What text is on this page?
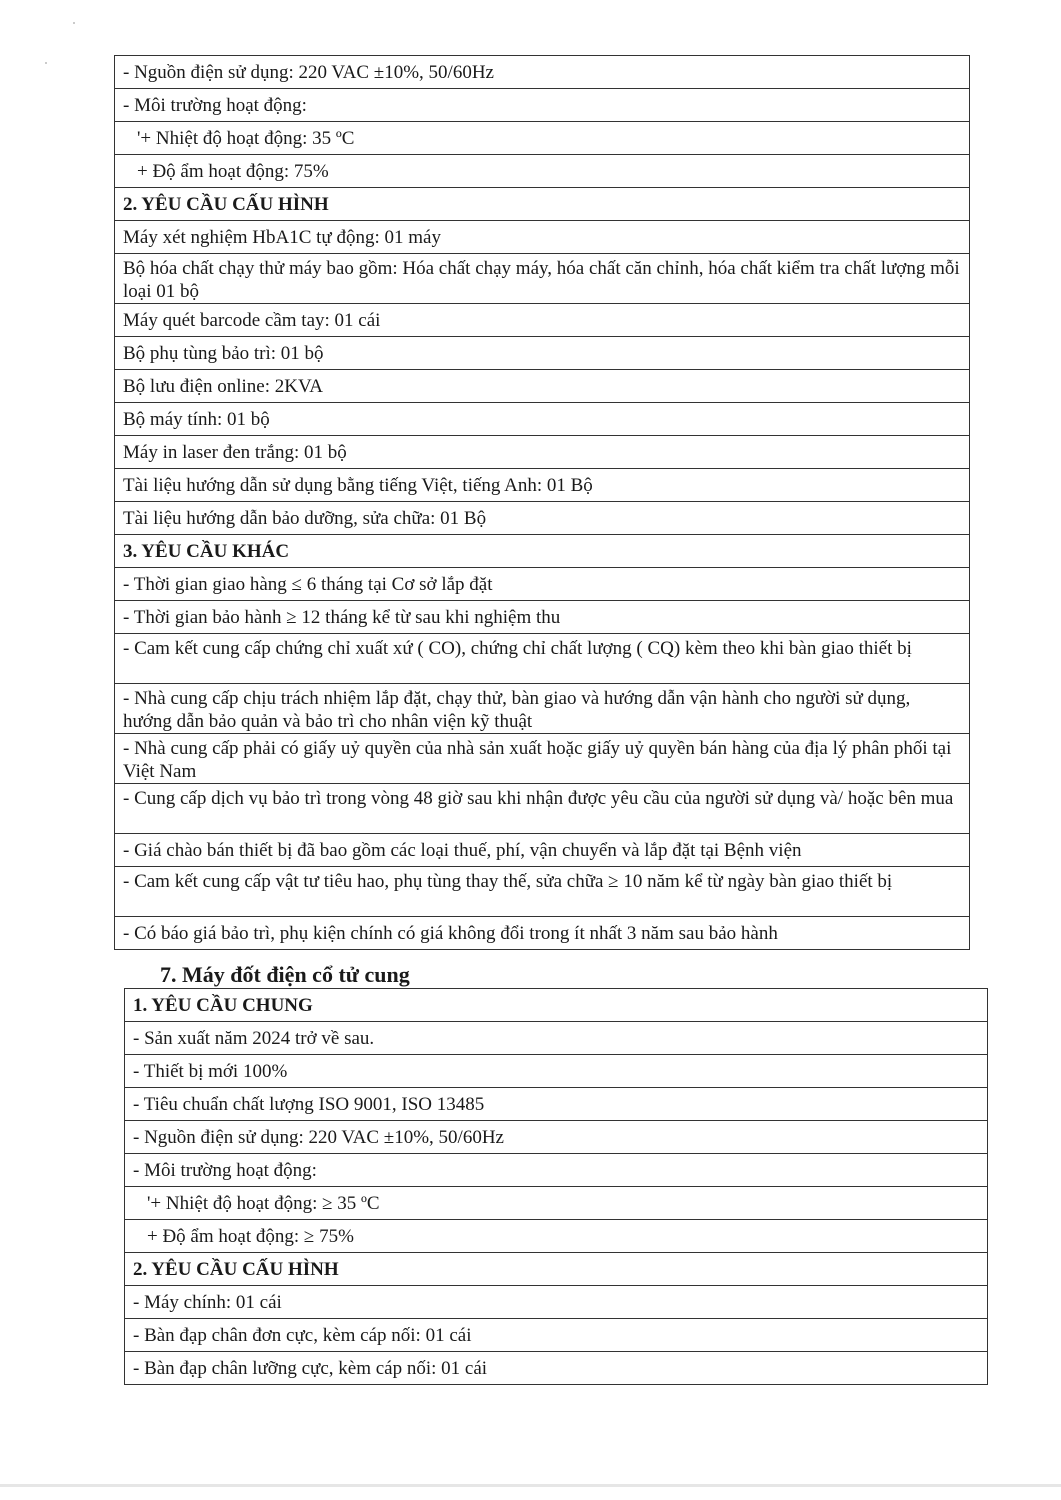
- Nguồn điện sử dụng: 220 VAC ±10%, 50/60Hz
- Môi trường hoạt động:
'+ Nhiệt độ hoạt động: 35 ºC
+ Độ ẩm hoạt động: 75%
2. YÊU CẦU CẤU HÌNH
Máy xét nghiệm HbA1C tự động: 01 máy
Bộ hóa chất chạy thử máy bao gồm: Hóa chất chạy máy, hóa chất căn chỉnh, hóa chất kiểm tra chất lượng mỗi loại 01 bộ
Máy quét barcode cầm tay: 01 cái
Bộ phụ tùng bảo trì: 01 bộ
Bộ lưu điện online: 2KVA
Bộ máy tính: 01 bộ
Máy in laser đen trắng: 01 bộ
Tài liệu hướng dẫn sử dụng bằng tiếng Việt, tiếng Anh: 01 Bộ
Tài liệu hướng dẫn bảo dưỡng, sửa chữa: 01 Bộ
3. YÊU CẦU KHÁC
- Thời gian giao hàng ≤ 6 tháng tại Cơ sở lắp đặt
- Thời gian bảo hành ≥ 12 tháng kể từ sau khi nghiệm thu
- Cam kết cung cấp chứng chỉ xuất xứ ( CO), chứng chỉ chất lượng ( CQ) kèm theo khi bàn giao thiết bị
- Nhà cung cấp chịu trách nhiệm lắp đặt, chạy thử, bàn giao và hướng dẫn vận hành cho người sử dụng, hướng dẫn bảo quản và bảo trì cho nhân viện kỹ thuật
- Nhà cung cấp phải có giấy uỷ quyền của nhà sản xuất hoặc giấy uỷ quyền bán hàng của địa lý phân phối tại Việt Nam
- Cung cấp dịch vụ bảo trì trong vòng 48 giờ sau khi nhận được yêu cầu của người sử dụng và/ hoặc bên mua
- Giá chào bán thiết bị đã bao gồm các loại thuế, phí, vận chuyển và lắp đặt tại Bệnh viện
- Cam kết cung cấp vật tư tiêu hao, phụ tùng thay thế, sửa chữa ≥ 10 năm kể từ ngày bàn giao thiết bị
- Có báo giá bảo trì, phụ kiện chính có giá không đổi trong ít nhất 3 năm sau bảo hành
7. Máy đốt điện cổ tử cung
1. YÊU CẦU CHUNG
- Sản xuất năm 2024 trở về sau.
- Thiết bị mới 100%
- Tiêu chuẩn chất lượng ISO 9001, ISO 13485
- Nguồn điện sử dụng: 220 VAC ±10%, 50/60Hz
- Môi trường hoạt động:
'+ Nhiệt độ hoạt động: ≥ 35 ºC
+ Độ ẩm hoạt động: ≥ 75%
2. YÊU CẦU CẤU HÌNH
- Máy chính: 01 cái
- Bàn đạp chân đơn cực, kèm cáp nối: 01 cái
- Bàn đạp chân lưỡng cực, kèm cáp nối: 01 cái
